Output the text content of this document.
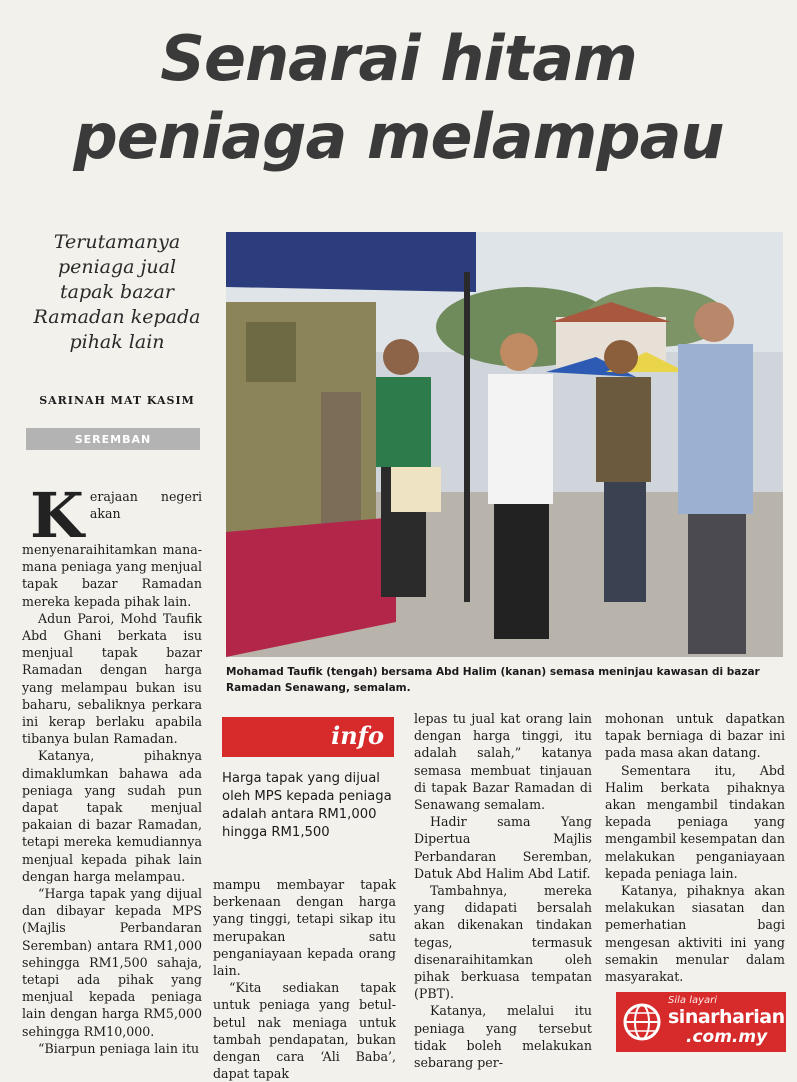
Senarai hitam
peniaga melampau
Terutamanya
peniaga jual
tapak bazar
Ramadan kepada
pihak lain
SARINAH MAT KASIM
SEREMBAN
Mohamad Taufik (tengah) bersama Abd Halim (kanan) semasa meninjau kawasan di bazar Ramadan Senawang, semalam.

Kerajaan negeri akan menyenaraihitamkan mana-mana peniaga yang menjual tapak bazar Ramadan mereka kepada pihak lain.

Adun Paroi, Mohd Taufik Abd Ghani berkata isu menjual tapak bazar Ramadan dengan harga yang melampau bukan isu baharu, sebaliknya perkara ini kerap berlaku apabila tibanya bulan Ramadan.

Katanya, pihaknya dimaklumkan bahawa ada peniaga yang sudah pun dapat tapak menjual pakaian di bazar Ramadan, tetapi mereka kemudiannya menjual kepada pihak lain dengan harga melampau.

“Harga tapak yang dijual dan dibayar kepada MPS (Majlis Perbandaran Seremban) antara RM1,000 sehingga RM1,500 sahaja, tetapi ada pihak yang menjual kepada peniaga lain dengan harga RM5,000 sehingga RM10,000.

“Biarpun peniaga lain itu

info
Harga tapak yang dijual oleh MPS kepada peniaga adalah antara RM1,000 hingga RM1,500

mampu membayar tapak berkenaan dengan harga yang tinggi, tetapi sikap itu merupakan satu penganiayaan kepada orang lain.

“Kita sediakan tapak untuk peniaga yang betul-betul nak meniaga untuk tambah pendapatan, bukan dengan cara ‘Ali Baba’, dapat tapak

lepas tu jual kat orang lain dengan harga tinggi, itu adalah salah,” katanya semasa membuat tinjauan di tapak Bazar Ramadan di Senawang semalam.

Hadir sama Yang Dipertua Majlis Perbandaran Seremban, Datuk Abd Halim Abd Latif.

Tambahnya, mereka yang didapati bersalah akan dikenakan tindakan tegas, termasuk disenaraihitamkan oleh pihak berkuasa tempatan (PBT).

Katanya, melalui itu peniaga yang tersebut tidak boleh melakukan sebarang per-

mohonan untuk dapatkan tapak berniaga di bazar ini pada masa akan datang.

Sementara itu, Abd Halim berkata pihaknya akan mengambil tindakan kepada peniaga yang mengambil kesempatan dan melakukan penganiayaan kepada peniaga lain.

Katanya, pihaknya akan melakukan siasatan dan pemerhatian bagi mengesan aktiviti ini yang semakin menular dalam masyarakat.

Sila layari
sinarharian
.com.my
